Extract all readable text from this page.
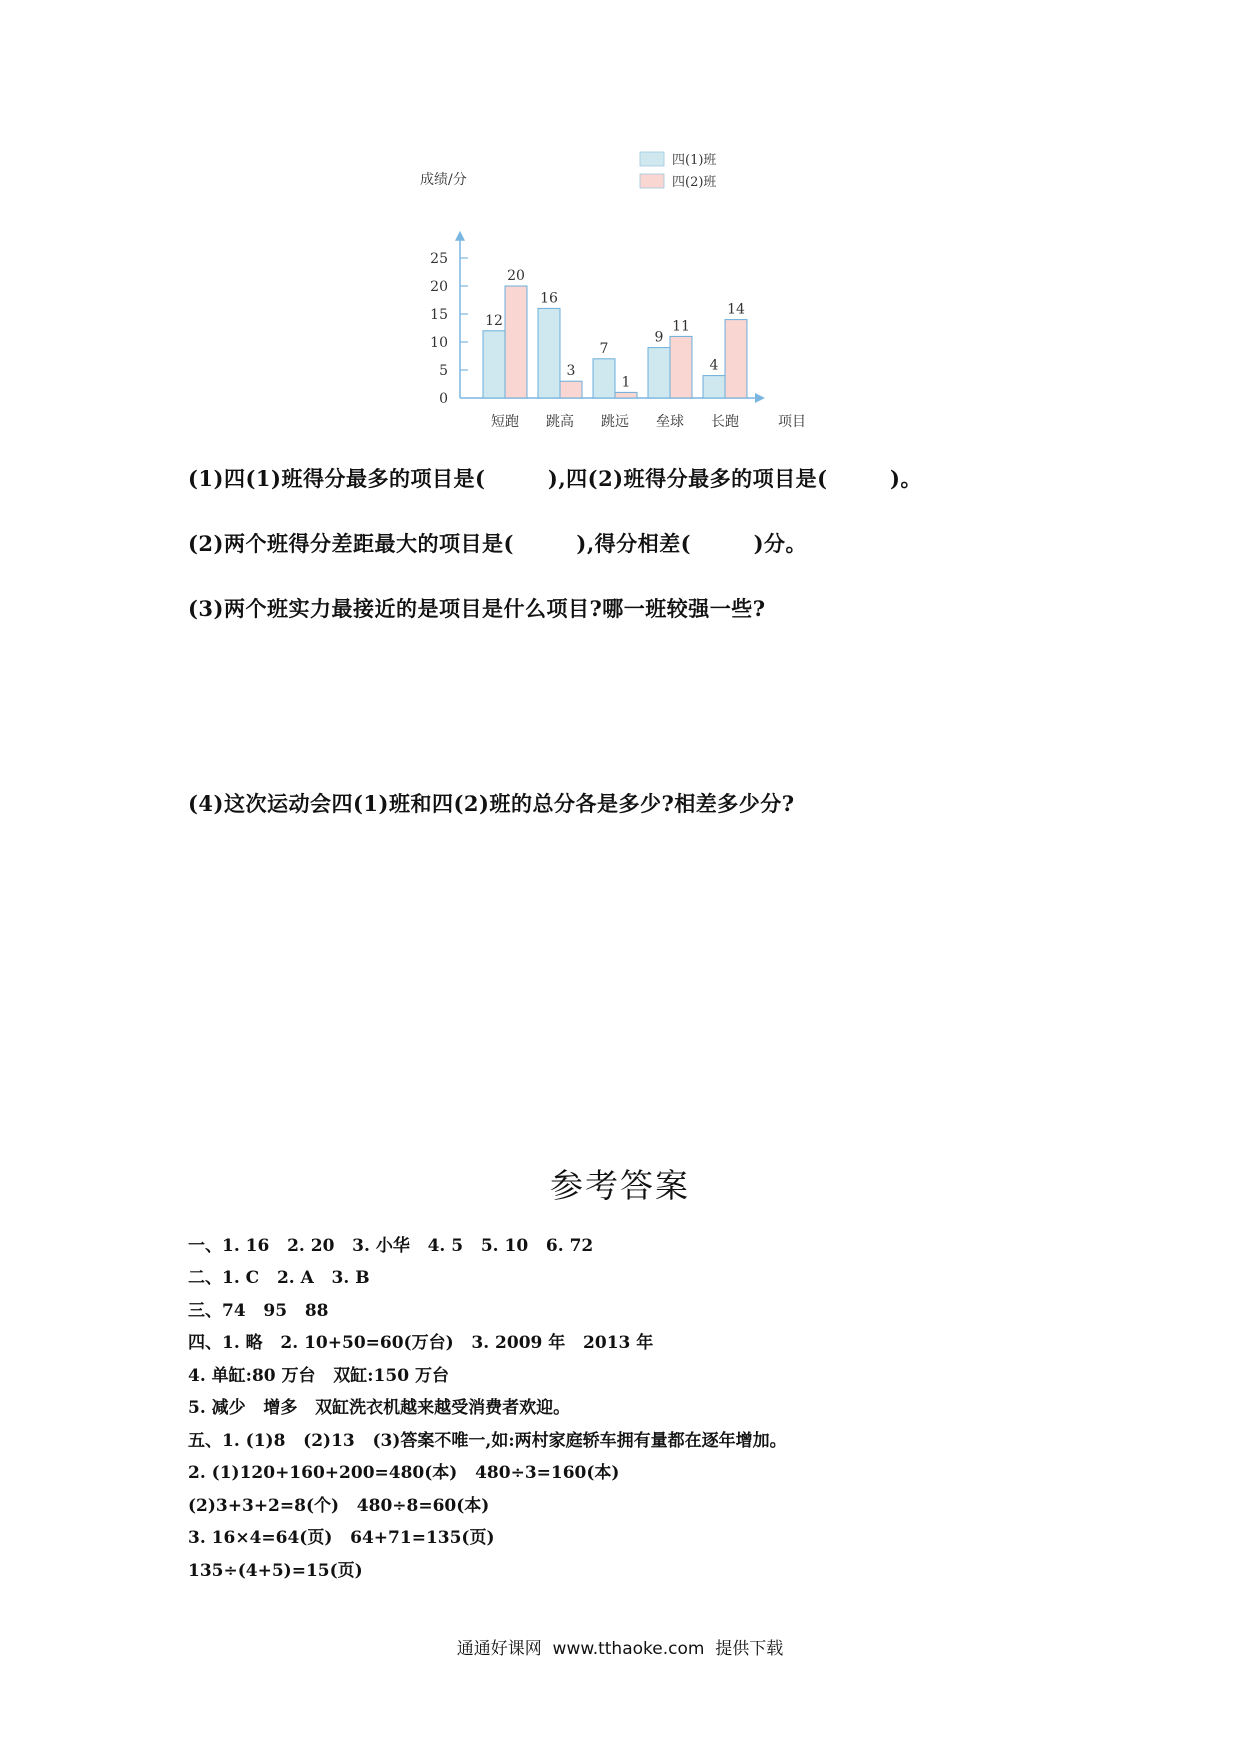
0
5
10
15
20
25
成绩/分
项目
12
20
短跑
16
3
跳高
7
1
跳远
9
11
垒球
4
14
长跑
四(1)班
四(2)班
(1)四(1)班得分最多的项目是(        ),四(2)班得分最多的项目是(        )。
(2)两个班得分差距最大的项目是(        ),得分相差(        )分。
(3)两个班实力最接近的是项目是什么项目?哪一班较强一些?
(4)这次运动会四(1)班和四(2)班的总分各是多少?相差多少分?
参考答案
一、1. 16   2. 20   3. 小华   4. 5   5. 10   6. 72
二、1. C   2. A   3. B
三、74   95   88
四、1. 略   2. 10+50=60(万台)   3. 2009 年   2013 年
4. 单缸:80 万台   双缸:150 万台
5. 减少   增多   双缸洗衣机越来越受消费者欢迎。
五、1. (1)8   (2)13   (3)答案不唯一,如:两村家庭轿车拥有量都在逐年增加。
2. (1)120+160+200=480(本)   480÷3=160(本)
(2)3+3+2=8(个)   480÷8=60(本)
3. 16×4=64(页)   64+71=135(页)
135÷(4+5)=15(页)
通通好课网  www.tthaoke.com  提供下载
